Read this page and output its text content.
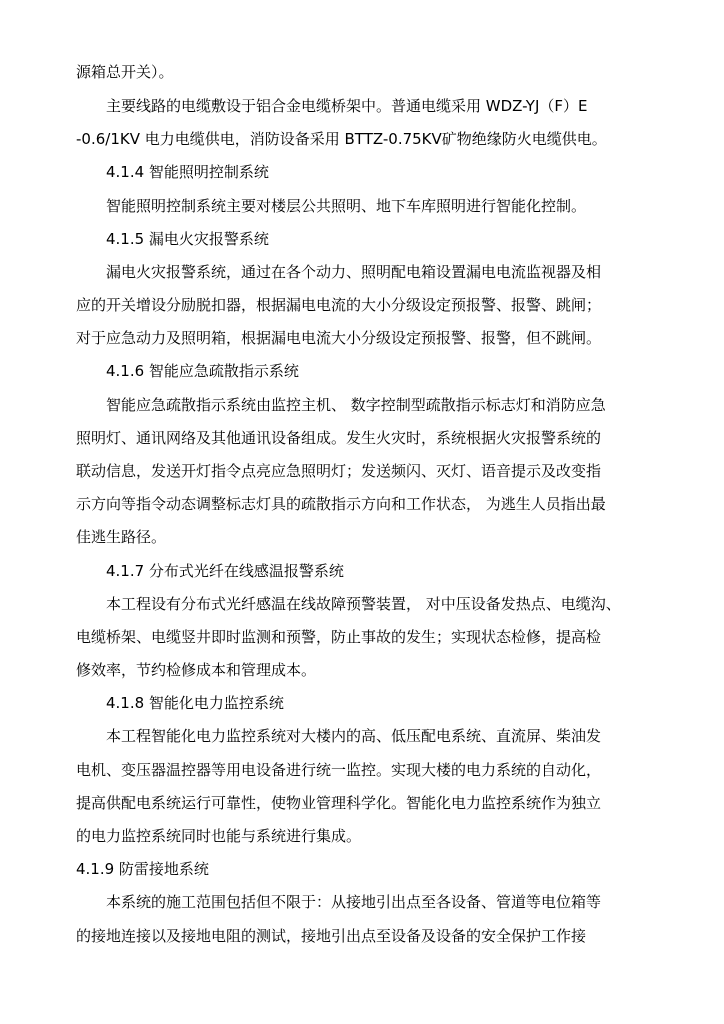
源箱总开关）。

主要线路的电缆敷设于铝合金电缆桥架中。普通电缆采用 WDZ-YJ（F）E

-0.6/1KV 电力电缆供电，消防设备采用 BTTZ-0.75KV矿物绝缘防火电缆供电。

4.1.4 智能照明控制系统

智能照明控制系统主要对楼层公共照明、地下车库照明进行智能化控制。

4.1.5 漏电火灾报警系统

漏电火灾报警系统，通过在各个动力、照明配电箱设置漏电电流监视器及相

应的开关增设分励脱扣器，根据漏电电流的大小分级设定预报警、报警、跳闸；

对于应急动力及照明箱，根据漏电电流大小分级设定预报警、报警，但不跳闸。

4.1.6 智能应急疏散指示系统

智能应急疏散指示系统由监控主机、 数字控制型疏散指示标志灯和消防应急

照明灯、通讯网络及其他通讯设备组成。发生火灾时，系统根据火灾报警系统的

联动信息，发送开灯指令点亮应急照明灯；发送频闪、灭灯、语音提示及改变指

示方向等指令动态调整标志灯具的疏散指示方向和工作状态， 为逃生人员指出最

佳逃生路径。

4.1.7 分布式光纤在线感温报警系统

本工程设有分布式光纤感温在线故障预警装置， 对中压设备发热点、电缆沟、

电缆桥架、电缆竖井即时监测和预警，防止事故的发生；实现状态检修，提高检

修效率，节约检修成本和管理成本。

4.1.8 智能化电力监控系统

本工程智能化电力监控系统对大楼内的高、低压配电系统、直流屏、柴油发

电机、变压器温控器等用电设备进行统一监控。实现大楼的电力系统的自动化，

提高供配电系统运行可靠性，使物业管理科学化。智能化电力监控系统作为独立

的电力监控系统同时也能与系统进行集成。

4.1.9 防雷接地系统

本系统的施工范围包括但不限于：从接地引出点至各设备、管道等电位箱等

的接地连接以及接地电阻的测试，接地引出点至设备及设备的安全保护工作接
